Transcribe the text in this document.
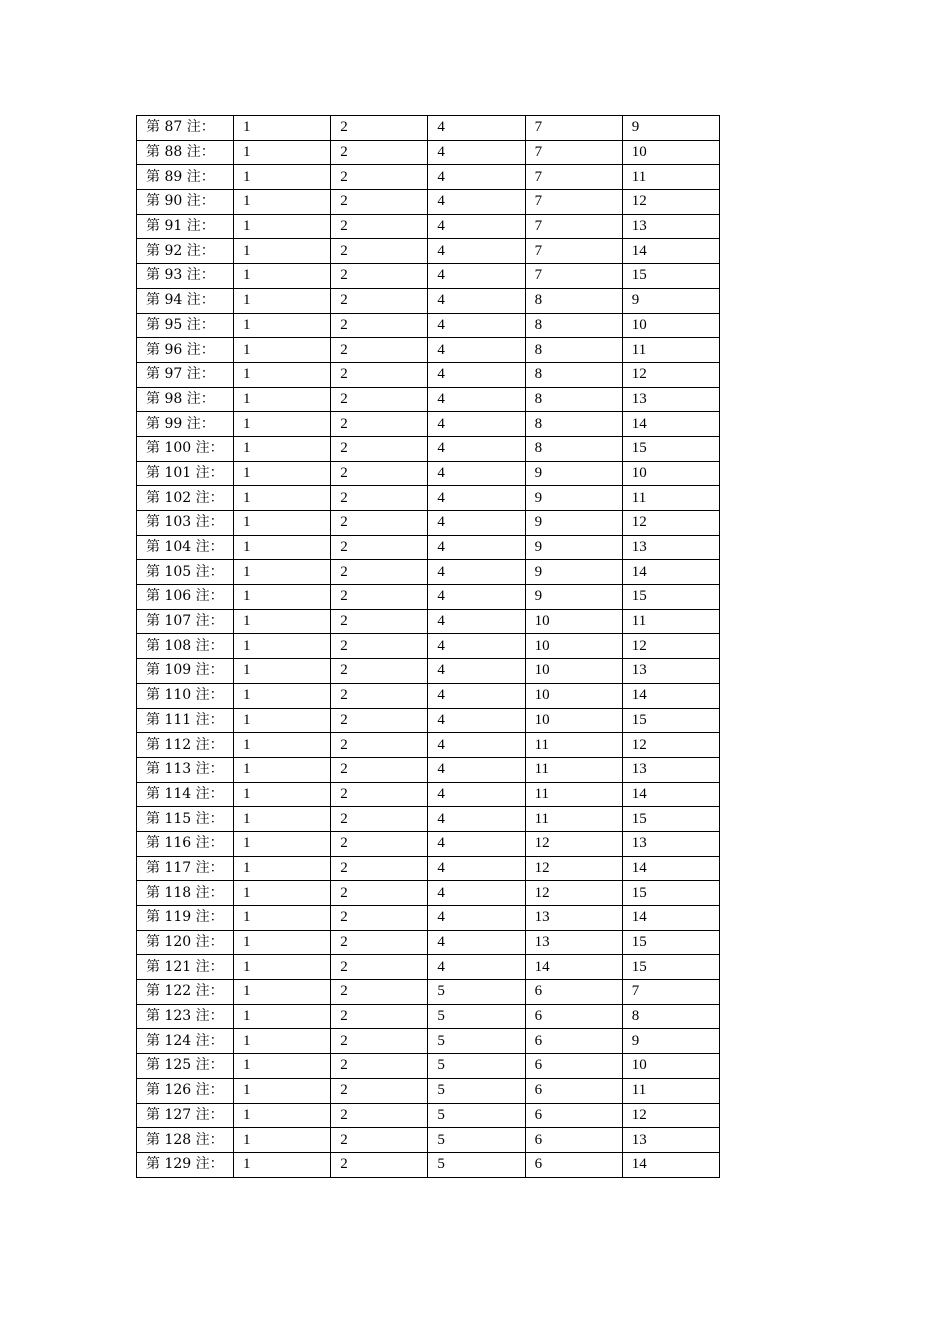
第 87 注：	1	2	4	7	9
第 88 注：	1	2	4	7	10
第 89 注：	1	2	4	7	11
第 90 注：	1	2	4	7	12
第 91 注：	1	2	4	7	13
第 92 注：	1	2	4	7	14
第 93 注：	1	2	4	7	15
第 94 注：	1	2	4	8	9
第 95 注：	1	2	4	8	10
第 96 注：	1	2	4	8	11
第 97 注：	1	2	4	8	12
第 98 注：	1	2	4	8	13
第 99 注：	1	2	4	8	14
第 100 注：	1	2	4	8	15
第 101 注：	1	2	4	9	10
第 102 注：	1	2	4	9	11
第 103 注：	1	2	4	9	12
第 104 注：	1	2	4	9	13
第 105 注：	1	2	4	9	14
第 106 注：	1	2	4	9	15
第 107 注：	1	2	4	10	11
第 108 注：	1	2	4	10	12
第 109 注：	1	2	4	10	13
第 110 注：	1	2	4	10	14
第 111 注：	1	2	4	10	15
第 112 注：	1	2	4	11	12
第 113 注：	1	2	4	11	13
第 114 注：	1	2	4	11	14
第 115 注：	1	2	4	11	15
第 116 注：	1	2	4	12	13
第 117 注：	1	2	4	12	14
第 118 注：	1	2	4	12	15
第 119 注：	1	2	4	13	14
第 120 注：	1	2	4	13	15
第 121 注：	1	2	4	14	15
第 122 注：	1	2	5	6	7
第 123 注：	1	2	5	6	8
第 124 注：	1	2	5	6	9
第 125 注：	1	2	5	6	10
第 126 注：	1	2	5	6	11
第 127 注：	1	2	5	6	12
第 128 注：	1	2	5	6	13
第 129 注：	1	2	5	6	14
